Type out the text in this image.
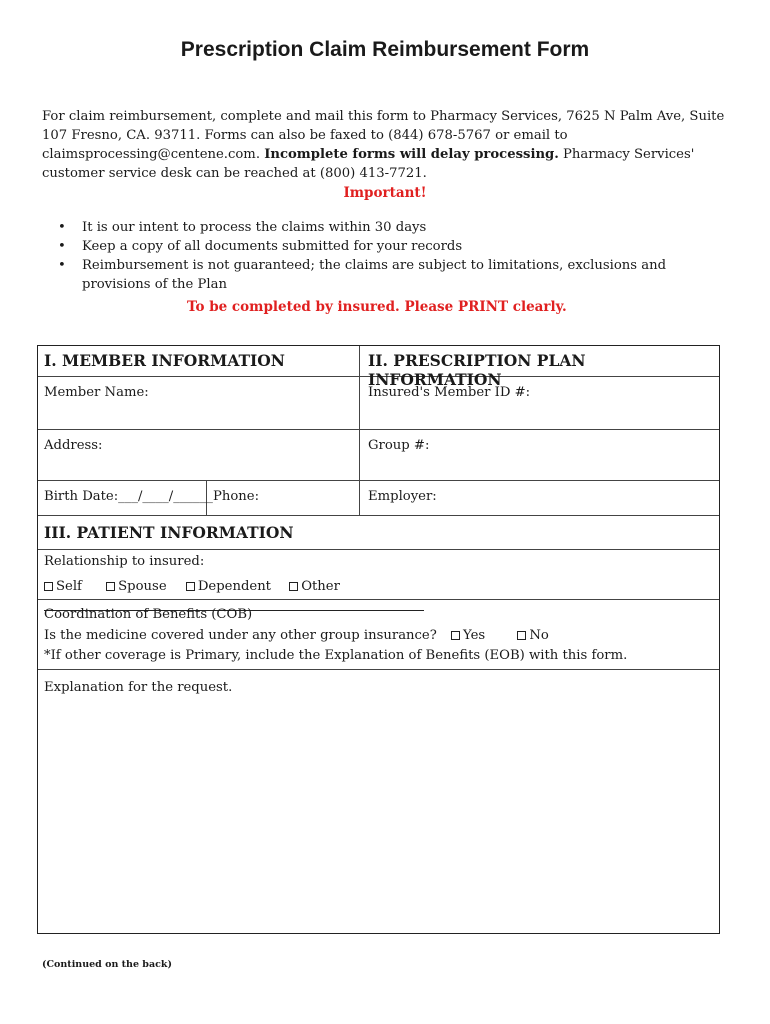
Prescription Claim Reimbursement Form
For claim reimbursement, complete and mail this form to Pharmacy Services, 7625 N Palm Ave, Suite 107 Fresno, CA. 93711. Forms can also be faxed to (844) 678-5767 or email to claimsprocessing@centene.com. Incomplete forms will delay processing. Pharmacy Services' customer service desk can be reached at (800) 413-7721.
Important!
• It is our intent to process the claims within 30 days
• Keep a copy of all documents submitted for your records
• Reimbursement is not guaranteed; the claims are subject to limitations, exclusions and provisions of the Plan
To be completed by insured. Please PRINT clearly.
I. MEMBER INFORMATION	II. PRESCRIPTION PLAN INFORMATION
Member Name:	Insured's Member ID #:
Address:	Group #:
Birth Date:___/____/______ Phone:	Employer:
III. PATIENT INFORMATION
Relationship to insured:
Self	Spouse Dependent Other
Coordination of Benefits (COB)
Is the medicine covered under any other group insurance? Yes	No
*If other coverage is Primary, include the Explanation of Benefits (EOB) with this form.
Explanation for the request.
(Continued on the back)
